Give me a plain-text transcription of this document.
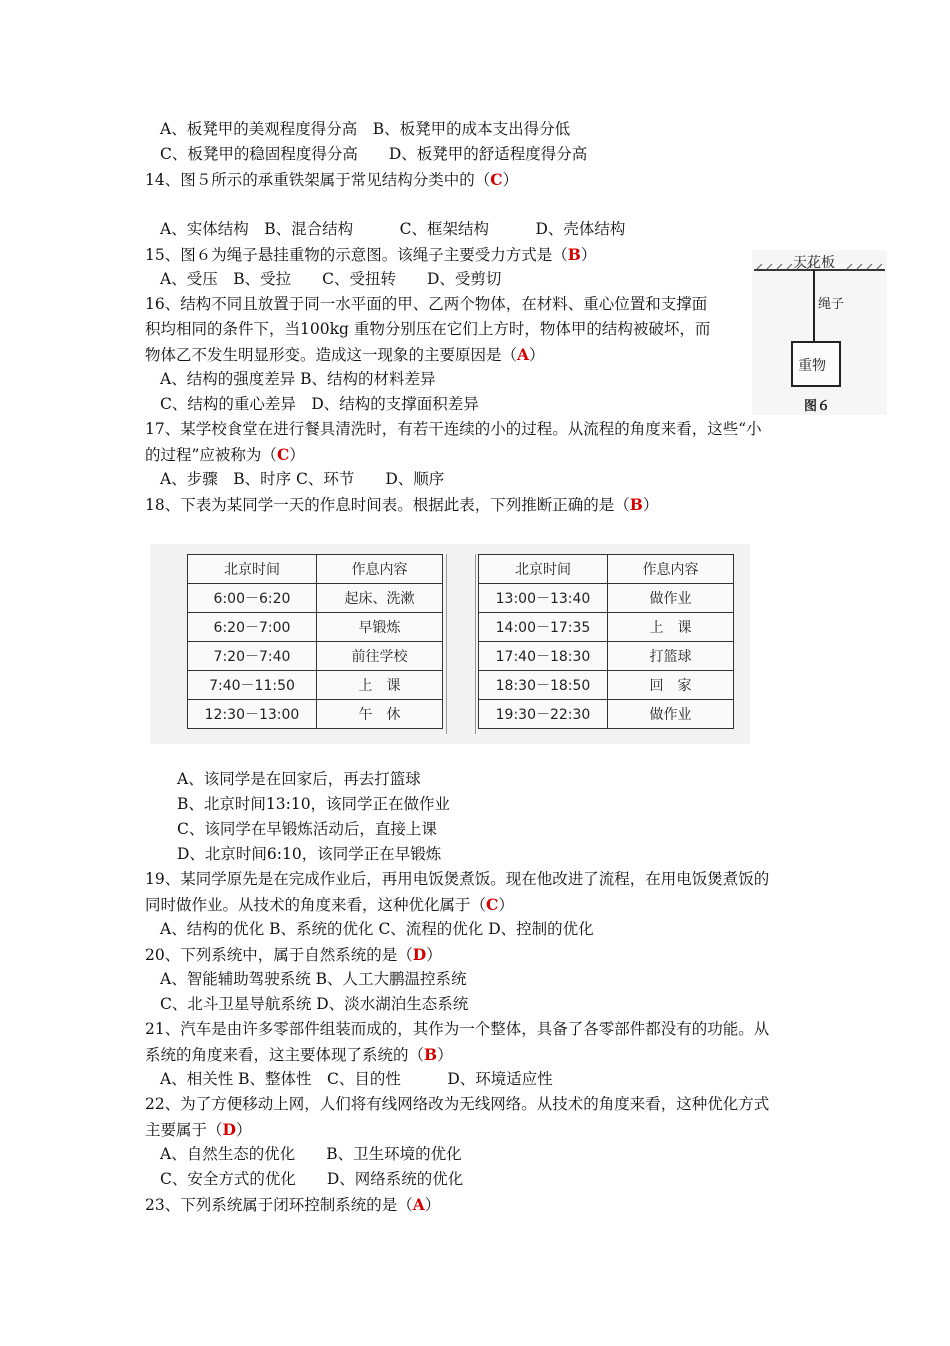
A、板凳甲的美观程度得分高　B、板凳甲的成本支出得分低
C、板凳甲的稳固程度得分高　　D、板凳甲的舒适程度得分高
14、图５所示的承重铁架属于常见结构分类中的（C）
A、实体结构　B、混合结构　　　C、框架结构　　　D、壳体结构
15、图６为绳子悬挂重物的示意图。该绳子主要受力方式是（B）
A、受压　B、受拉　　C、受扭转　　D、受剪切
天花板
绳子
重物
图６
16、结构不同且放置于同一水平面的甲、乙两个物体，在材料、重心位置和支撑面
积均相同的条件下，当100kg 重物分别压在它们上方时，物体甲的结构被破坏，而
物体乙不发生明显形变。造成这一现象的主要原因是（A）
A、结构的强度差异 B、结构的材料差异
C、结构的重心差异　D、结构的支撑面积差异
17、某学校食堂在进行餐具清洗时，有若干连续的小的过程。从流程的角度来看，这些“小
的过程”应被称为（C）
A、步骤　B、时序 C、环节　　D、顺序
18、下表为某同学一天的作息时间表。根据此表，下列推断正确的是（B）
北京时间	作息内容
6:00－6:20	起床、洗漱
6:20－7:00	早锻炼
7:20－7:40	前往学校
7:40－11:50	上　课
12:30－13:00	午　休
北京时间	作息内容
13:00－13:40	做作业
14:00－17:35	上　课
17:40－18:30	打篮球
18:30－18:50	回　家
19:30－22:30	做作业
A、该同学是在回家后，再去打篮球
B、北京时间13:10，该同学正在做作业
C、该同学在早锻炼活动后，直接上课
D、北京时间6:10，该同学正在早锻炼
19、某同学原先是在完成作业后，再用电饭煲煮饭。现在他改进了流程，在用电饭煲煮饭的
同时做作业。从技术的角度来看，这种优化属于（C）
A、结构的优化 B、系统的优化 C、流程的优化 D、控制的优化
20、下列系统中，属于自然系统的是（D）
A、智能辅助驾驶系统 B、人工大鹏温控系统
C、北斗卫星导航系统 D、淡水湖泊生态系统
21、汽车是由许多零部件组装而成的，其作为一个整体，具备了各零部件都没有的功能。从
系统的角度来看，这主要体现了系统的（B）
A、相关性 B、整体性　C、目的性　　　D、环境适应性
22、为了方便移动上网，人们将有线网络改为无线网络。从技术的角度来看，这种优化方式
主要属于（D）
A、自然生态的优化　　B、卫生环境的优化
C、安全方式的优化　　D、网络系统的优化
23、下列系统属于闭环控制系统的是（A）
